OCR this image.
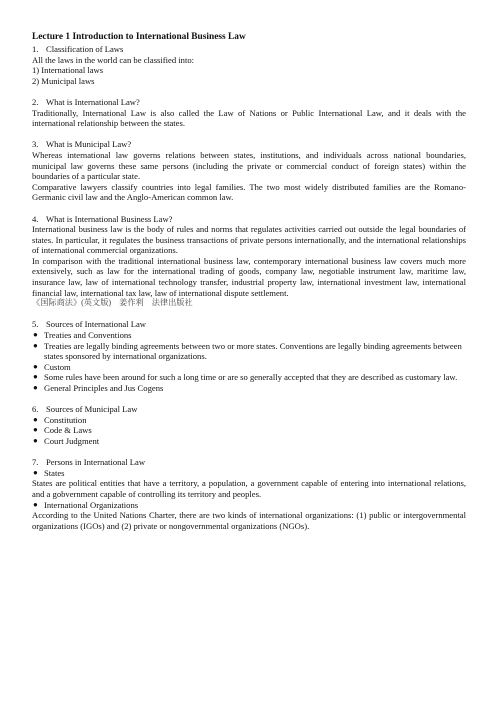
Lecture 1 Introduction to International Business Law
1. Classification of Laws

All the laws in the world can be classified into:

1) International laws

2) Municipal laws

2. What is International Law?

Traditionally, International Law is also called the Law of Nations or Public International Law, and it deals with the international relationship between the states.

3. What is Municipal Law?

Whereas international law governs relations between states, institutions, and individuals across national boundaries, municipal law governs these same persons (including the private or commercial conduct of foreign states) within the boundaries of a particular state.

Comparative lawyers classify countries into legal families. The two most widely distributed families are the Romano-Germanic civil law and the Anglo-American common law.

4. What is International Business Law?

International business law is the body of rules and norms that regulates activities carried out outside the legal boundaries of states. In particular, it regulates the business transactions of private persons internationally, and the international relationships of international commercial organizations.

In comparison with the traditional international business law, contemporary international business law covers much more extensively, such as law for the international trading of goods, company law, negotiable instrument law, maritime law, insurance law, law of international technology transfer, industrial property law, international investment law, international financial law, international tax law, law of international dispute settlement.

《国际商法》(英文版) 姜作利 法律出版社

5. Sources of International Law
● Treaties and Conventions
● Treaties are legally binding agreements between two or more states. Conventions are legally binding agreements between states sponsored by international organizations.
● Custom
● Some rules have been around for such a long time or are so generally accepted that they are described as customary law.
● General Principles and Jus Cogens
6. Sources of Municipal Law
● Constitution
● Code & Laws
● Court Judgment
7. Persons in International Law
● States

States are political entities that have a territory, a population, a government capable of entering into international relations, and a gobvernment capable of controlling its territory and peoples.

● International Organizations

According to the United Nations Charter, there are two kinds of international organizations: (1) public or intergovernmental organizations (IGOs) and (2) private or nongovernmental organizations (NGOs).
